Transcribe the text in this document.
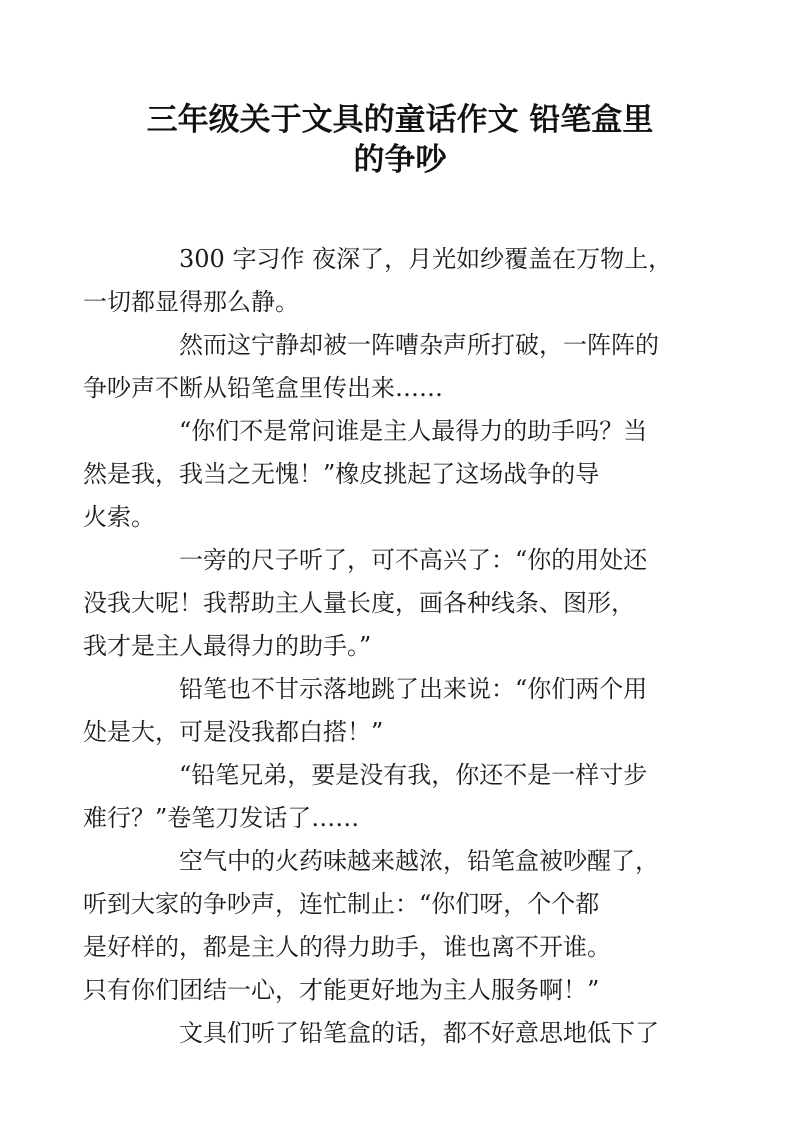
三年级关于文具的童话作文 铅笔盒里
的争吵
300 字习作 夜深了，月光如纱覆盖在万物上，
一切都显得那么静。
然而这宁静却被一阵嘈杂声所打破，一阵阵的
争吵声不断从铅笔盒里传出来……
“你们不是常问谁是主人最得力的助手吗？当
然是我，我当之无愧！”橡皮挑起了这场战争的导
火索。
一旁的尺子听了，可不高兴了：“你的用处还
没我大呢！我帮助主人量长度，画各种线条、图形，
我才是主人最得力的助手。”
铅笔也不甘示落地跳了出来说：“你们两个用
处是大，可是没我都白搭！”
“铅笔兄弟，要是没有我，你还不是一样寸步
难行？”卷笔刀发话了……
空气中的火药味越来越浓，铅笔盒被吵醒了，
听到大家的争吵声，连忙制止：“你们呀，个个都
是好样的，都是主人的得力助手，谁也离不开谁。
只有你们团结一心，才能更好地为主人服务啊！”
文具们听了铅笔盒的话，都不好意思地低下了
